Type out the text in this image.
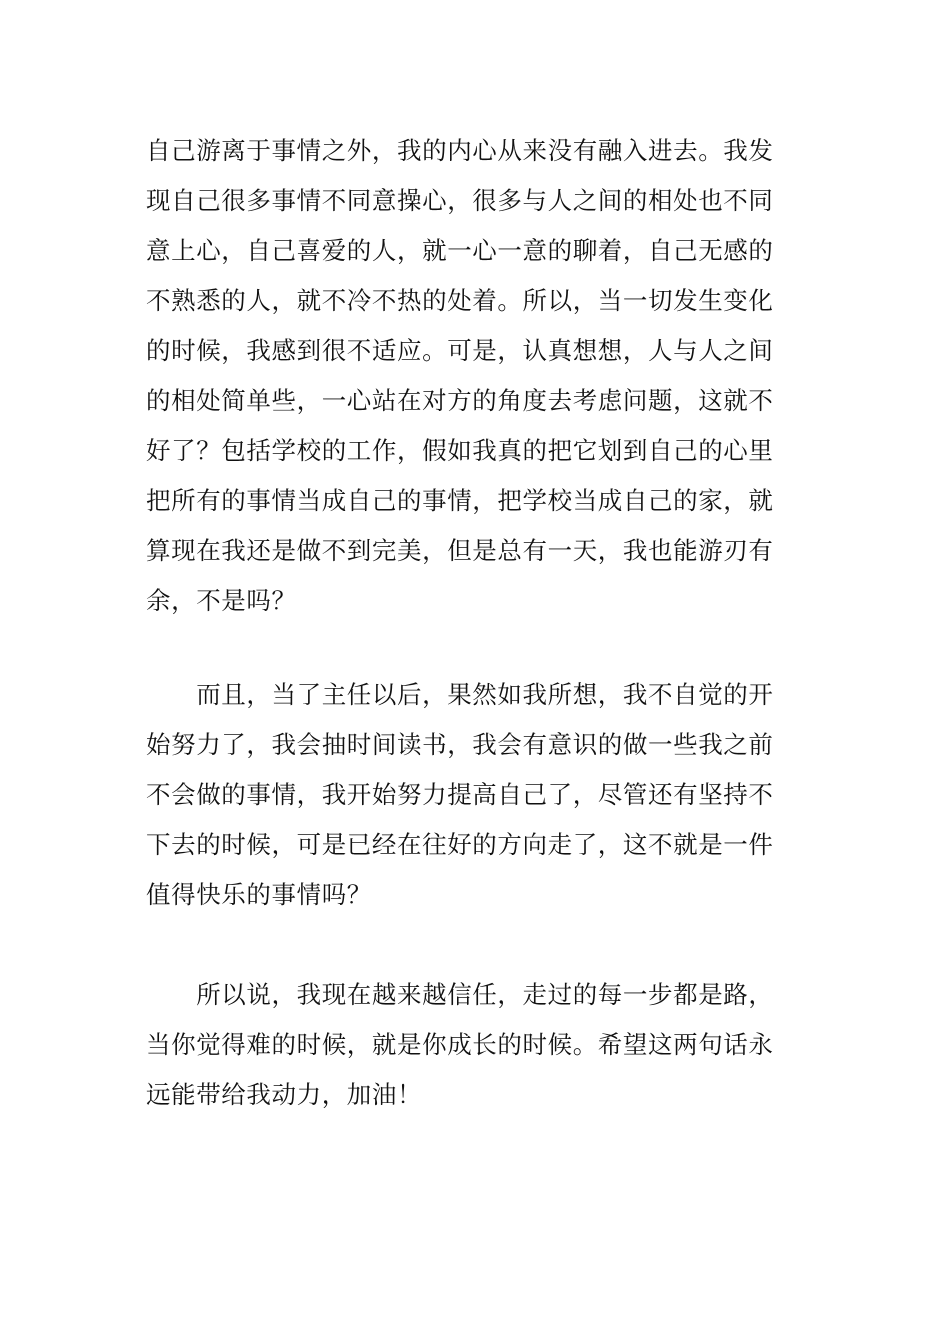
自己游离于事情之外，我的内心从来没有融入进去。我发
现自己很多事情不同意操心，很多与人之间的相处也不同
意上心，自己喜爱的人，就一心一意的聊着，自己无感的
不熟悉的人，就不冷不热的处着。所以，当一切发生变化
的时候，我感到很不适应。可是，认真想想，人与人之间
的相处简单些，一心站在对方的角度去考虑问题，这就不
好了？包括学校的工作，假如我真的把它划到自己的心里
把所有的事情当成自己的事情，把学校当成自己的家，就
算现在我还是做不到完美，但是总有一天，我也能游刃有
余，不是吗？
　　而且，当了主任以后，果然如我所想，我不自觉的开
始努力了，我会抽时间读书，我会有意识的做一些我之前
不会做的事情，我开始努力提高自己了，尽管还有坚持不
下去的时候，可是已经在往好的方向走了，这不就是一件
值得快乐的事情吗？
　　所以说，我现在越来越信任，走过的每一步都是路，
当你觉得难的时候，就是你成长的时候。希望这两句话永
远能带给我动力，加油！
